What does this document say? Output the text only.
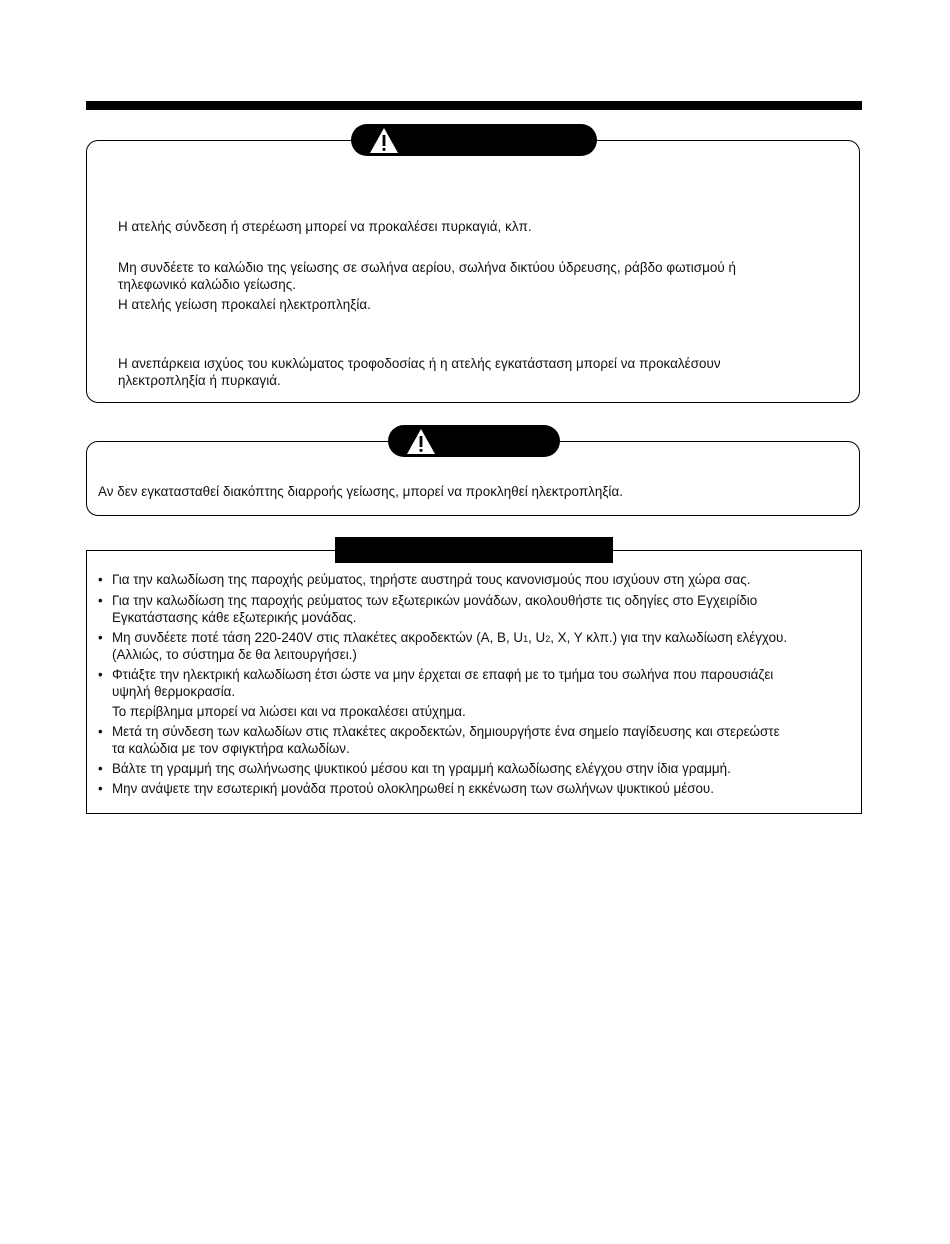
Η ατελής σύνδεση ή στερέωση μπορεί να προκαλέσει πυρκαγιά, κλπ.
Μη συνδέετε το καλώδιο της γείωσης σε σωλήνα αερίου, σωλήνα δικτύου ύδρευσης, ράβδο φωτισμού ή
τηλεφωνικό καλώδιο γείωσης.
Η ατελής γείωση προκαλεί ηλεκτροπληξία.
Η ανεπάρκεια ισχύος του κυκλώματος τροφοδοσίας ή η ατελής εγκατάσταση μπορεί να προκαλέσουν
ηλεκτροπληξία ή πυρκαγιά.
Αν δεν εγκατασταθεί διακόπτης διαρροής γείωσης, μπορεί να προκληθεί ηλεκτροπληξία.
• Για την καλωδίωση της παροχής ρεύματος, τηρήστε αυστηρά τους κανονισμούς που ισχύουν στη χώρα σας.
• Για την καλωδίωση της παροχής ρεύματος των εξωτερικών μονάδων, ακολουθήστε τις οδηγίες στο Εγχειρίδιο
Εγκατάστασης κάθε εξωτερικής μονάδας.
• Μη συνδέετε ποτέ τάση 220-240V στις πλακέτες ακροδεκτών (A, B, U1, U2, X, Y κλπ.) για την καλωδίωση ελέγχου.
(Αλλιώς, το σύστημα δε θα λειτουργήσει.)
• Φτιάξτε την ηλεκτρική καλωδίωση έτσι ώστε να μην έρχεται σε επαφή με το τμήμα του σωλήνα που παρουσιάζει
υψηλή θερμοκρασία.
Το περίβλημα μπορεί να λιώσει και να προκαλέσει ατύχημα.
• Μετά τη σύνδεση των καλωδίων στις πλακέτες ακροδεκτών, δημιουργήστε ένα σημείο παγίδευσης και στερεώστε
τα καλώδια με τον σφιγκτήρα καλωδίων.
• Βάλτε τη γραμμή της σωλήνωσης ψυκτικού μέσου και τη γραμμή καλωδίωσης ελέγχου στην ίδια γραμμή.
• Μην ανάψετε την εσωτερική μονάδα προτού ολοκληρωθεί η εκκένωση των σωλήνων ψυκτικού μέσου.
